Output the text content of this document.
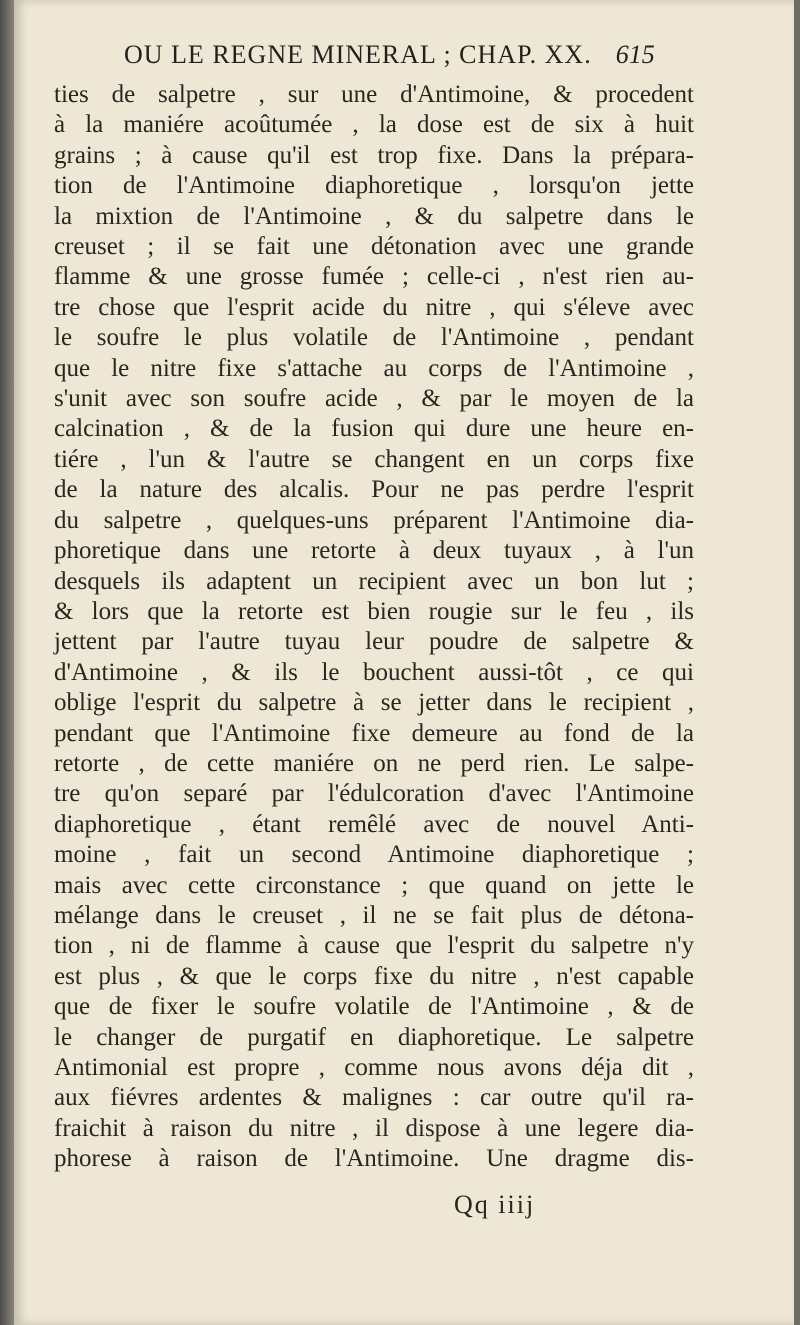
OU LE REGNE MINERAL ; CHAP. XX. 615
ties de salpetre , sur une d'Antimoine, & procedent
à la maniére acoûtumée , la dose est de six à huit
grains ; à cause qu'il est trop fixe. Dans la prépara-
tion de l'Antimoine diaphoretique , lorsqu'on jette
la mixtion de l'Antimoine , & du salpetre dans le
creuset ; il se fait une détonation avec une grande
flamme & une grosse fumée ; celle-ci , n'est rien au-
tre chose que l'esprit acide du nitre , qui s'éleve avec
le soufre le plus volatile de l'Antimoine , pendant
que le nitre fixe s'attache au corps de l'Antimoine ,
s'unit avec son soufre acide , & par le moyen de la
calcination , & de la fusion qui dure une heure en-
tiére , l'un & l'autre se changent en un corps fixe
de la nature des alcalis. Pour ne pas perdre l'esprit
du salpetre , quelques-uns préparent l'Antimoine dia-
phoretique dans une retorte à deux tuyaux , à l'un
desquels ils adaptent un recipient avec un bon lut ;
& lors que la retorte est bien rougie sur le feu , ils
jettent par l'autre tuyau leur poudre de salpetre &
d'Antimoine , & ils le bouchent aussi-tôt , ce qui
oblige l'esprit du salpetre à se jetter dans le recipient ,
pendant que l'Antimoine fixe demeure au fond de la
retorte , de cette maniére on ne perd rien. Le salpe-
tre qu'on separé par l'édulcoration d'avec l'Antimoine
diaphoretique , étant remêlé avec de nouvel Anti-
moine , fait un second Antimoine diaphoretique ;
mais avec cette circonstance ; que quand on jette le
mélange dans le creuset , il ne se fait plus de détona-
tion , ni de flamme à cause que l'esprit du salpetre n'y
est plus , & que le corps fixe du nitre , n'est capable
que de fixer le soufre volatile de l'Antimoine , & de
le changer de purgatif en diaphoretique. Le salpetre
Antimonial est propre , comme nous avons déja dit ,
aux fiévres ardentes & malignes : car outre qu'il ra-
fraichit à raison du nitre , il dispose à une legere dia-
phorese à raison de l'Antimoine. Une dragme dis-
Qq iiij
